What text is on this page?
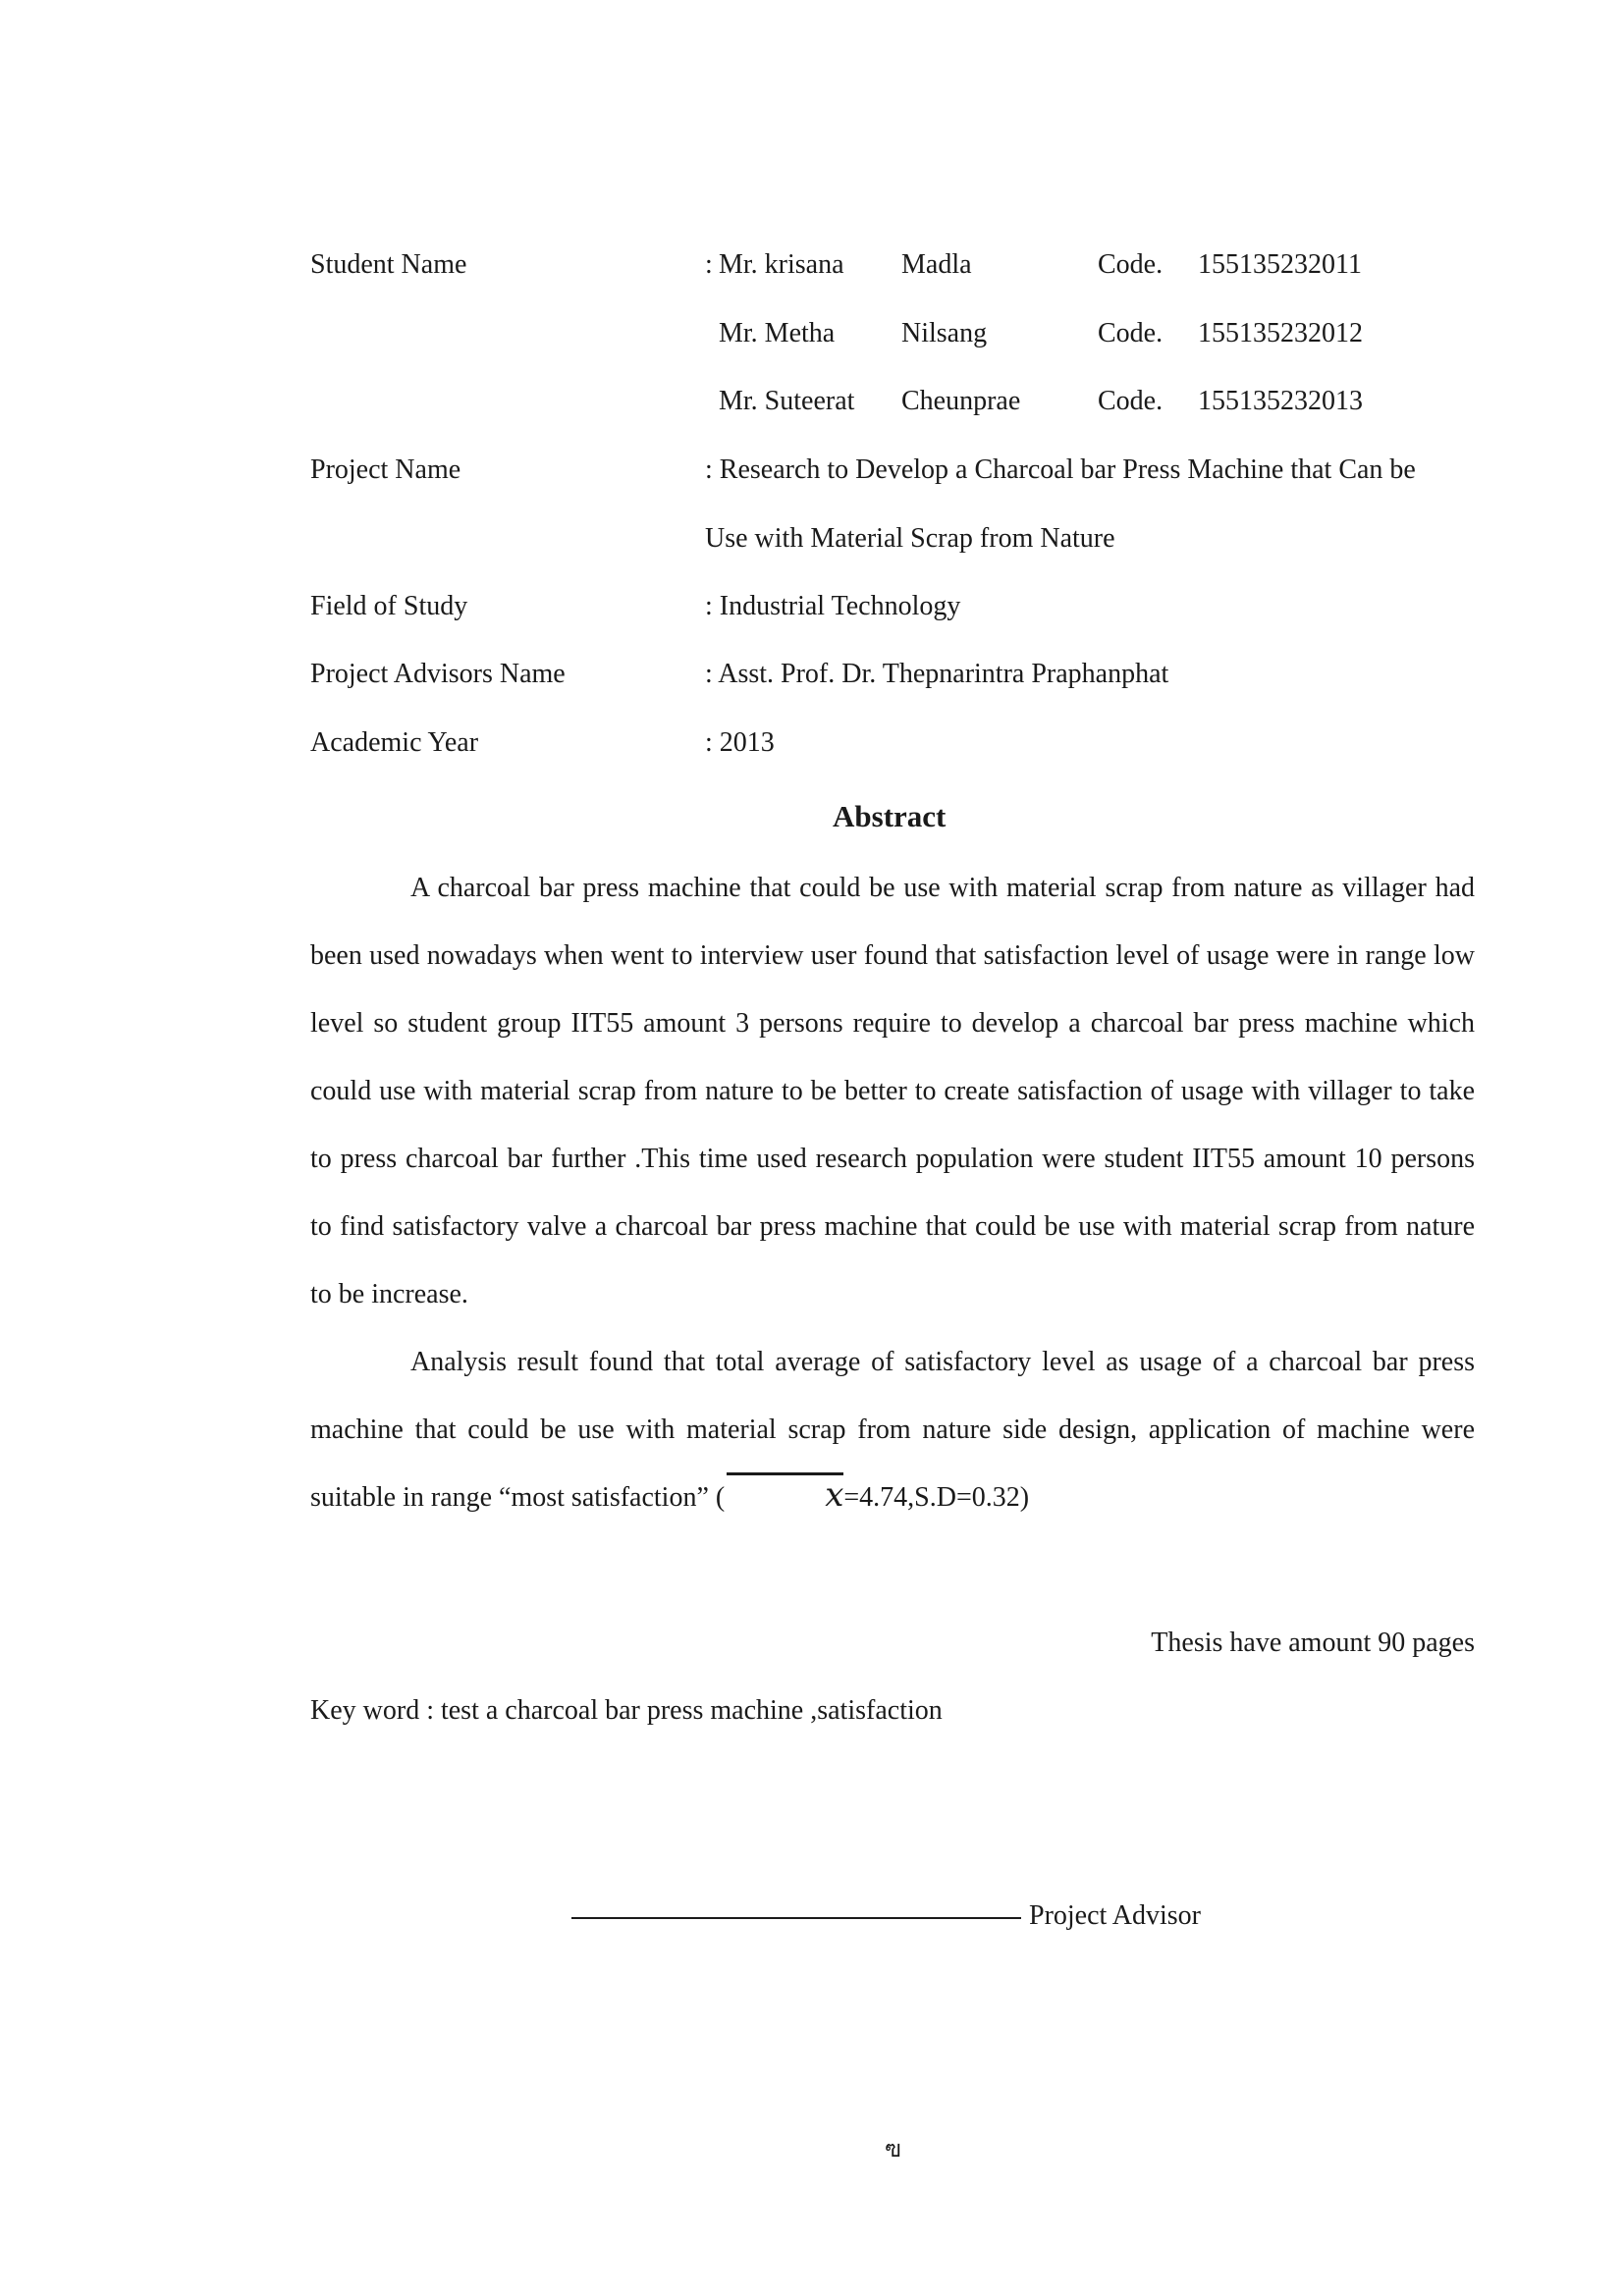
Student Name	: Mr. krisana Madla	Code. 155135232011
Mr. Metha Nilsang	Code. 155135232012
Mr. Suteerat Cheunprae	Code. 155135232013
Project Name	: Research to Develop a Charcoal bar Press Machine that Can be
Use with Material Scrap from Nature
Field of Study	: Industrial Technology
Project Advisors Name	: Asst. Prof. Dr. Thepnarintra Praphanphat
Academic Year	: 2013
Abstract

A charcoal bar press machine that could be use with material scrap from nature as villager had been used nowadays when went to interview user found that satisfaction level of usage were in range low level so student group IIT55 amount 3 persons require to develop a charcoal bar press machine which could use with material scrap from nature to be better to create satisfaction of usage with villager to take to press charcoal bar further .This time used research population were student IIT55 amount 10 persons to find satisfactory valve a charcoal bar press machine that could be use with material scrap from nature to be increase.

Analysis result found that total average of satisfactory level as usage of a charcoal bar press machine that could be use with material scrap from nature side design, application of machine were suitable in range “most satisfaction” (	x=4.74,S.D=0.32)

Thesis have amount 90 pages
Key word : test a charcoal bar press machine ,satisfaction
Project Advisor
ฃ
